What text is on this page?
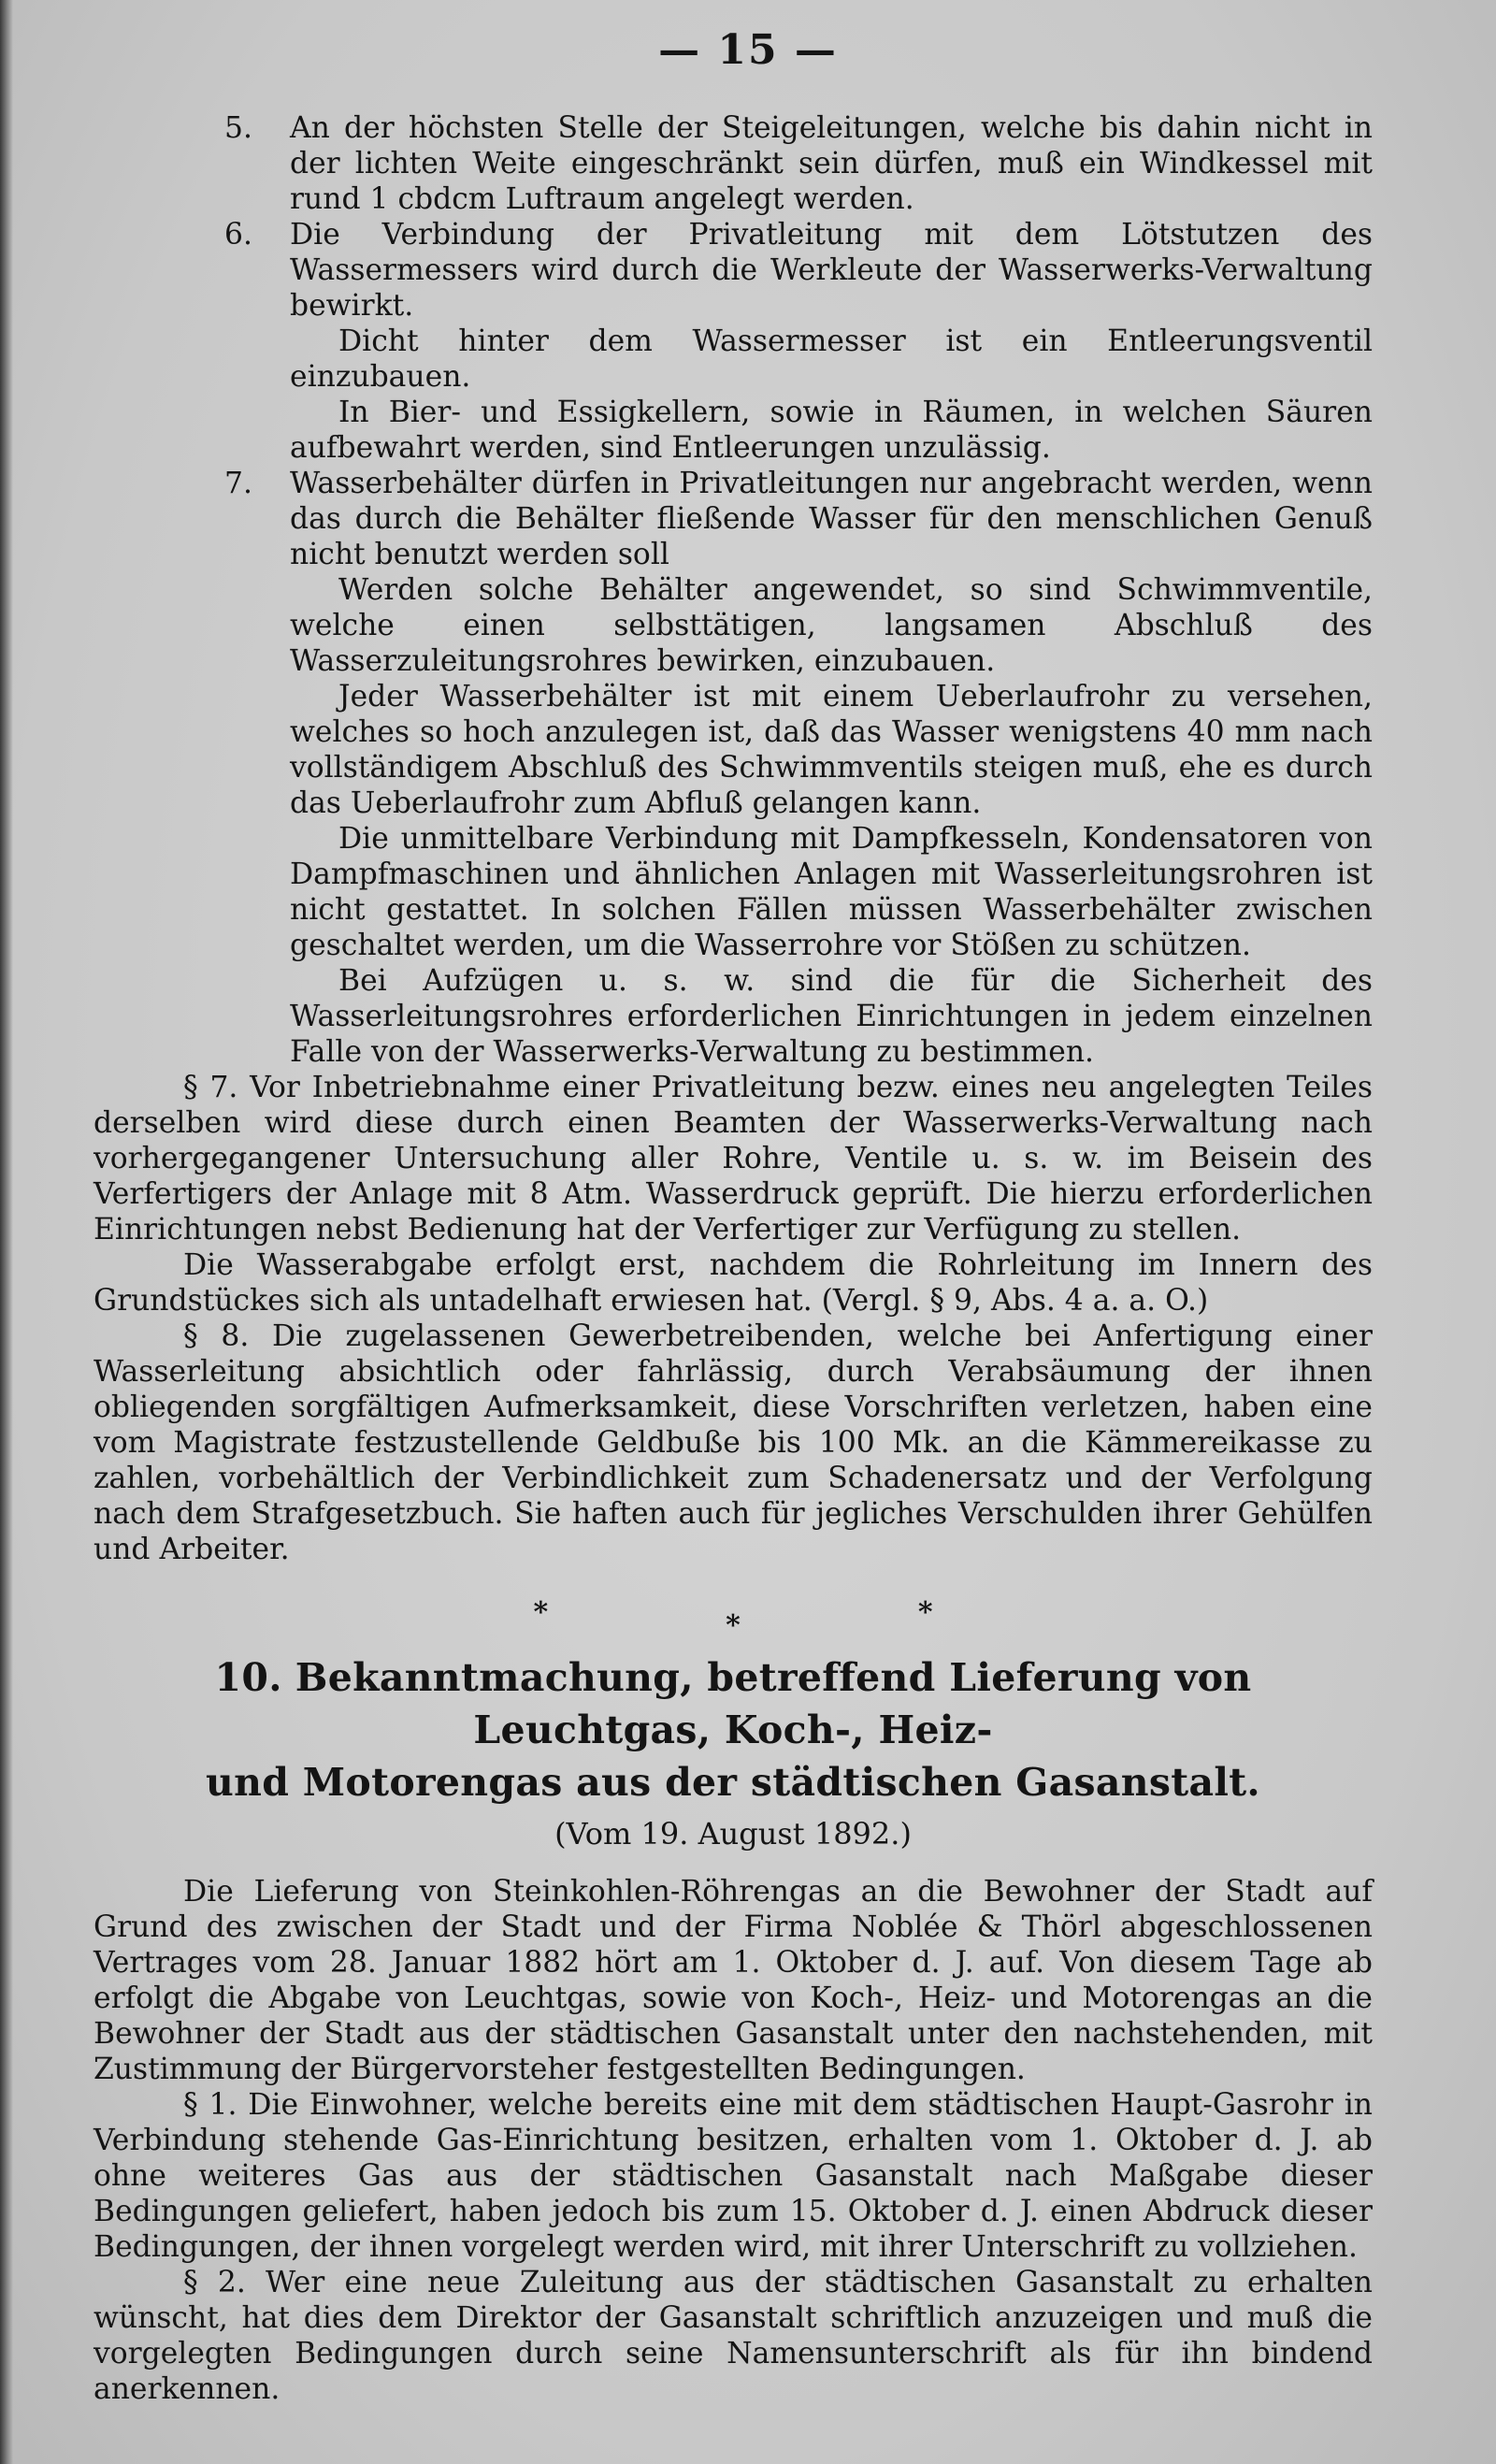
— 15 —
5. An der höchsten Stelle der Steigeleitungen, welche bis dahin nicht in der lichten Weite eingeschränkt sein dürfen, muß ein Windkessel mit rund 1 cbdcm Luftraum angelegt werden.

6. Die Verbindung der Privatleitung mit dem Lötstutzen des Wassermessers wird durch die Werkleute der Wasserwerks-Verwaltung bewirkt.

Dicht hinter dem Wassermesser ist ein Entleerungsventil einzubauen.

In Bier- und Essigkellern, sowie in Räumen, in welchen Säuren aufbewahrt werden, sind Entleerungen unzulässig.

7. Wasserbehälter dürfen in Privatleitungen nur angebracht werden, wenn das durch die Behälter fließende Wasser für den menschlichen Genuß nicht benutzt werden soll

Werden solche Behälter angewendet, so sind Schwimmventile, welche einen selbsttätigen, langsamen Abschluß des Wasserzuleitungsrohres bewirken, einzubauen.

Jeder Wasserbehälter ist mit einem Ueberlaufrohr zu versehen, welches so hoch anzulegen ist, daß das Wasser wenigstens 40 mm nach vollständigem Abschluß des Schwimmventils steigen muß, ehe es durch das Ueberlaufrohr zum Abfluß gelangen kann.

Die unmittelbare Verbindung mit Dampfkesseln, Kondensatoren von Dampfmaschinen und ähnlichen Anlagen mit Wasserleitungsrohren ist nicht gestattet. In solchen Fällen müssen Wasserbehälter zwischen geschaltet werden, um die Wasserrohre vor Stößen zu schützen.

Bei Aufzügen u. s. w. sind die für die Sicherheit des Wasserleitungsrohres erforderlichen Einrichtungen in jedem einzelnen Falle von der Wasserwerks-Verwaltung zu bestimmen.

§ 7. Vor Inbetriebnahme einer Privatleitung bezw. eines neu angelegten Teiles derselben wird diese durch einen Beamten der Wasserwerks-Verwaltung nach vorhergegangener Untersuchung aller Rohre, Ventile u. s. w. im Beisein des Verfertigers der Anlage mit 8 Atm. Wasserdruck geprüft. Die hierzu erforderlichen Einrichtungen nebst Bedienung hat der Verfertiger zur Verfügung zu stellen.

Die Wasserabgabe erfolgt erst, nachdem die Rohrleitung im Innern des Grundstückes sich als untadelhaft erwiesen hat. (Vergl. § 9, Abs. 4 a. a. O.)

§ 8. Die zugelassenen Gewerbetreibenden, welche bei Anfertigung einer Wasserleitung absichtlich oder fahrlässig, durch Verabsäumung der ihnen obliegenden sorgfältigen Aufmerksamkeit, diese Vorschriften verletzen, haben eine vom Magistrate festzustellende Geldbuße bis 100 Mk. an die Kämmereikasse zu zahlen, vorbehältlich der Verbindlichkeit zum Schadenersatz und der Verfolgung nach dem Strafgesetzbuch. Sie haften auch für jegliches Verschulden ihrer Gehülfen und Arbeiter.

*	*	*

10. Bekanntmachung, betreffend Lieferung von Leuchtgas, Koch-, Heiz-

und Motorengas aus der städtischen Gasanstalt.

(Vom 19. August 1892.)

Die Lieferung von Steinkohlen-Röhrengas an die Bewohner der Stadt auf Grund des zwischen der Stadt und der Firma Noblée & Thörl abgeschlossenen Vertrages vom 28. Januar 1882 hört am 1. Oktober d. J. auf. Von diesem Tage ab erfolgt die Abgabe von Leuchtgas, sowie von Koch-, Heiz- und Motorengas an die Bewohner der Stadt aus der städtischen Gasanstalt unter den nachstehenden, mit Zustimmung der Bürgervorsteher festgestellten Bedingungen.

§ 1. Die Einwohner, welche bereits eine mit dem städtischen Haupt-Gasrohr in Verbindung stehende Gas-Einrichtung besitzen, erhalten vom 1. Oktober d. J. ab ohne weiteres Gas aus der städtischen Gasanstalt nach Maßgabe dieser Bedingungen geliefert, haben jedoch bis zum 15. Oktober d. J. einen Abdruck dieser Bedingungen, der ihnen vorgelegt werden wird, mit ihrer Unterschrift zu vollziehen.

§ 2. Wer eine neue Zuleitung aus der städtischen Gasanstalt zu erhalten wünscht, hat dies dem Direktor der Gasanstalt schriftlich anzuzeigen und muß die vorgelegten Bedingungen durch seine Namensunterschrift als für ihn bindend anerkennen.
